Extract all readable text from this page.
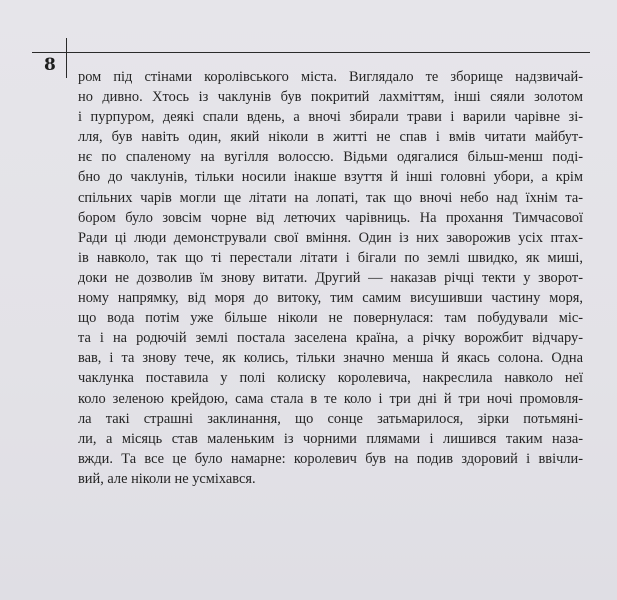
8
ром під стінами королівського міста. Виглядало те зборище надзвичай-
но дивно. Хтось із чаклунів був покритий лахміттям, інші сяяли золотом
і пурпуром, деякі спали вдень, а вночі збирали трави і варили чарівне зі-
лля, був навіть один, який ніколи в житті не спав і вмів читати майбут-
нє по спаленому на вугілля волоссю. Відьми одягалися більш-менш поді-
бно до чаклунів, тільки носили інакше взуття й інші головні убори, а крім
спільних чарів могли ще літати на лопаті, так що вночі небо над їхнім та-
бором було зовсім чорне від летючих чарівниць. На прохання Тимчасової
Ради ці люди демонстрували свої вміння. Один із них заворожив усіх птах-
ів навколо, так що ті перестали літати і бігали по землі швидко, як миші,
доки не дозволив їм знову витати. Другий — наказав річці текти у зворот-
ному напрямку, від моря до витоку, тим самим висушивши частину моря,
що вода потім уже більше ніколи не повернулася: там побудували міс-
та і на родючій землі постала заселена країна, а річку ворожбит відчару-
вав, і та знову тече, як колись, тільки значно менша й якась солона. Одна
чаклунка поставила у полі колиску королевича, накреслила навколо неї
коло зеленою крейдою, сама стала в те коло і три дні й три ночі промовля-
ла такі страшні заклинання, що сонце затьмарилося, зірки потьмяні-
ли, а місяць став маленьким із чорними плямами і лишився таким наза-
вжди. Та все це було намарне: королевич був на подив здоровий і ввічли-
вий, але ніколи не усміхався.
